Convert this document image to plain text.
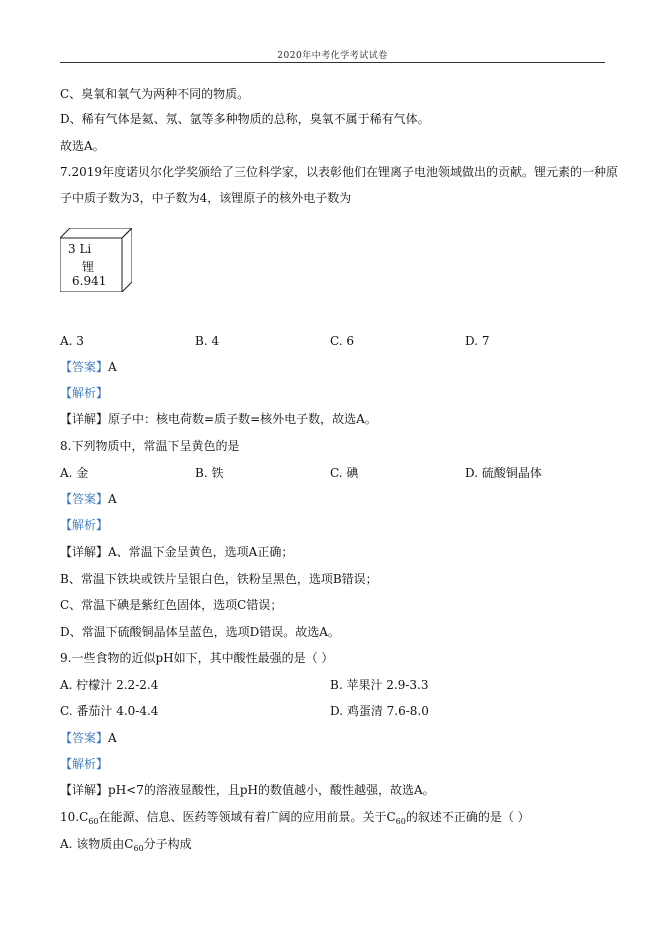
2020年中考化学考试试卷
C、臭氧和氧气为两种不同的物质。
D、稀有气体是氦、氖、氩等多种物质的总称，臭氧不属于稀有气体。
故选A。
7.2019年度诺贝尔化学奖颁给了三位科学家，以表彰他们在锂离子电池领域做出的贡献。锂元素的一种原
子中质子数为3，中子数为4，该锂原子的核外电子数为
3 Li
锂
6.941
A. 3	B. 4	C. 6	D. 7
【答案】A
【解析】
【详解】原子中：核电荷数=质子数=核外电子数，故选A。
8.下列物质中，常温下呈黄色的是
A. 金	B. 铁	C. 碘	D. 硫酸铜晶体
【答案】A
【解析】
【详解】A、常温下金呈黄色，选项A正确；
B、常温下铁块或铁片呈银白色，铁粉呈黑色，选项B错误；
C、常温下碘是紫红色固体，选项C错误；
D、常温下硫酸铜晶体呈蓝色，选项D错误。故选A。
9.一些食物的近似pH如下，其中酸性最强的是（ ）
A. 柠檬汁 2.2-2.4	B. 苹果汁 2.9-3.3
C. 番茄汁 4.0-4.4	D. 鸡蛋清 7.6-8.0
【答案】A
【解析】
【详解】pH<7的溶液显酸性，且pH的数值越小，酸性越强，故选A。
$10.C_{60}$在能源、信息、医药等领域有着广阔的应用前景。关于$C_{60}$的叙述不正确的是（ ）
A. 该物质由$C_{60}$分子构成
